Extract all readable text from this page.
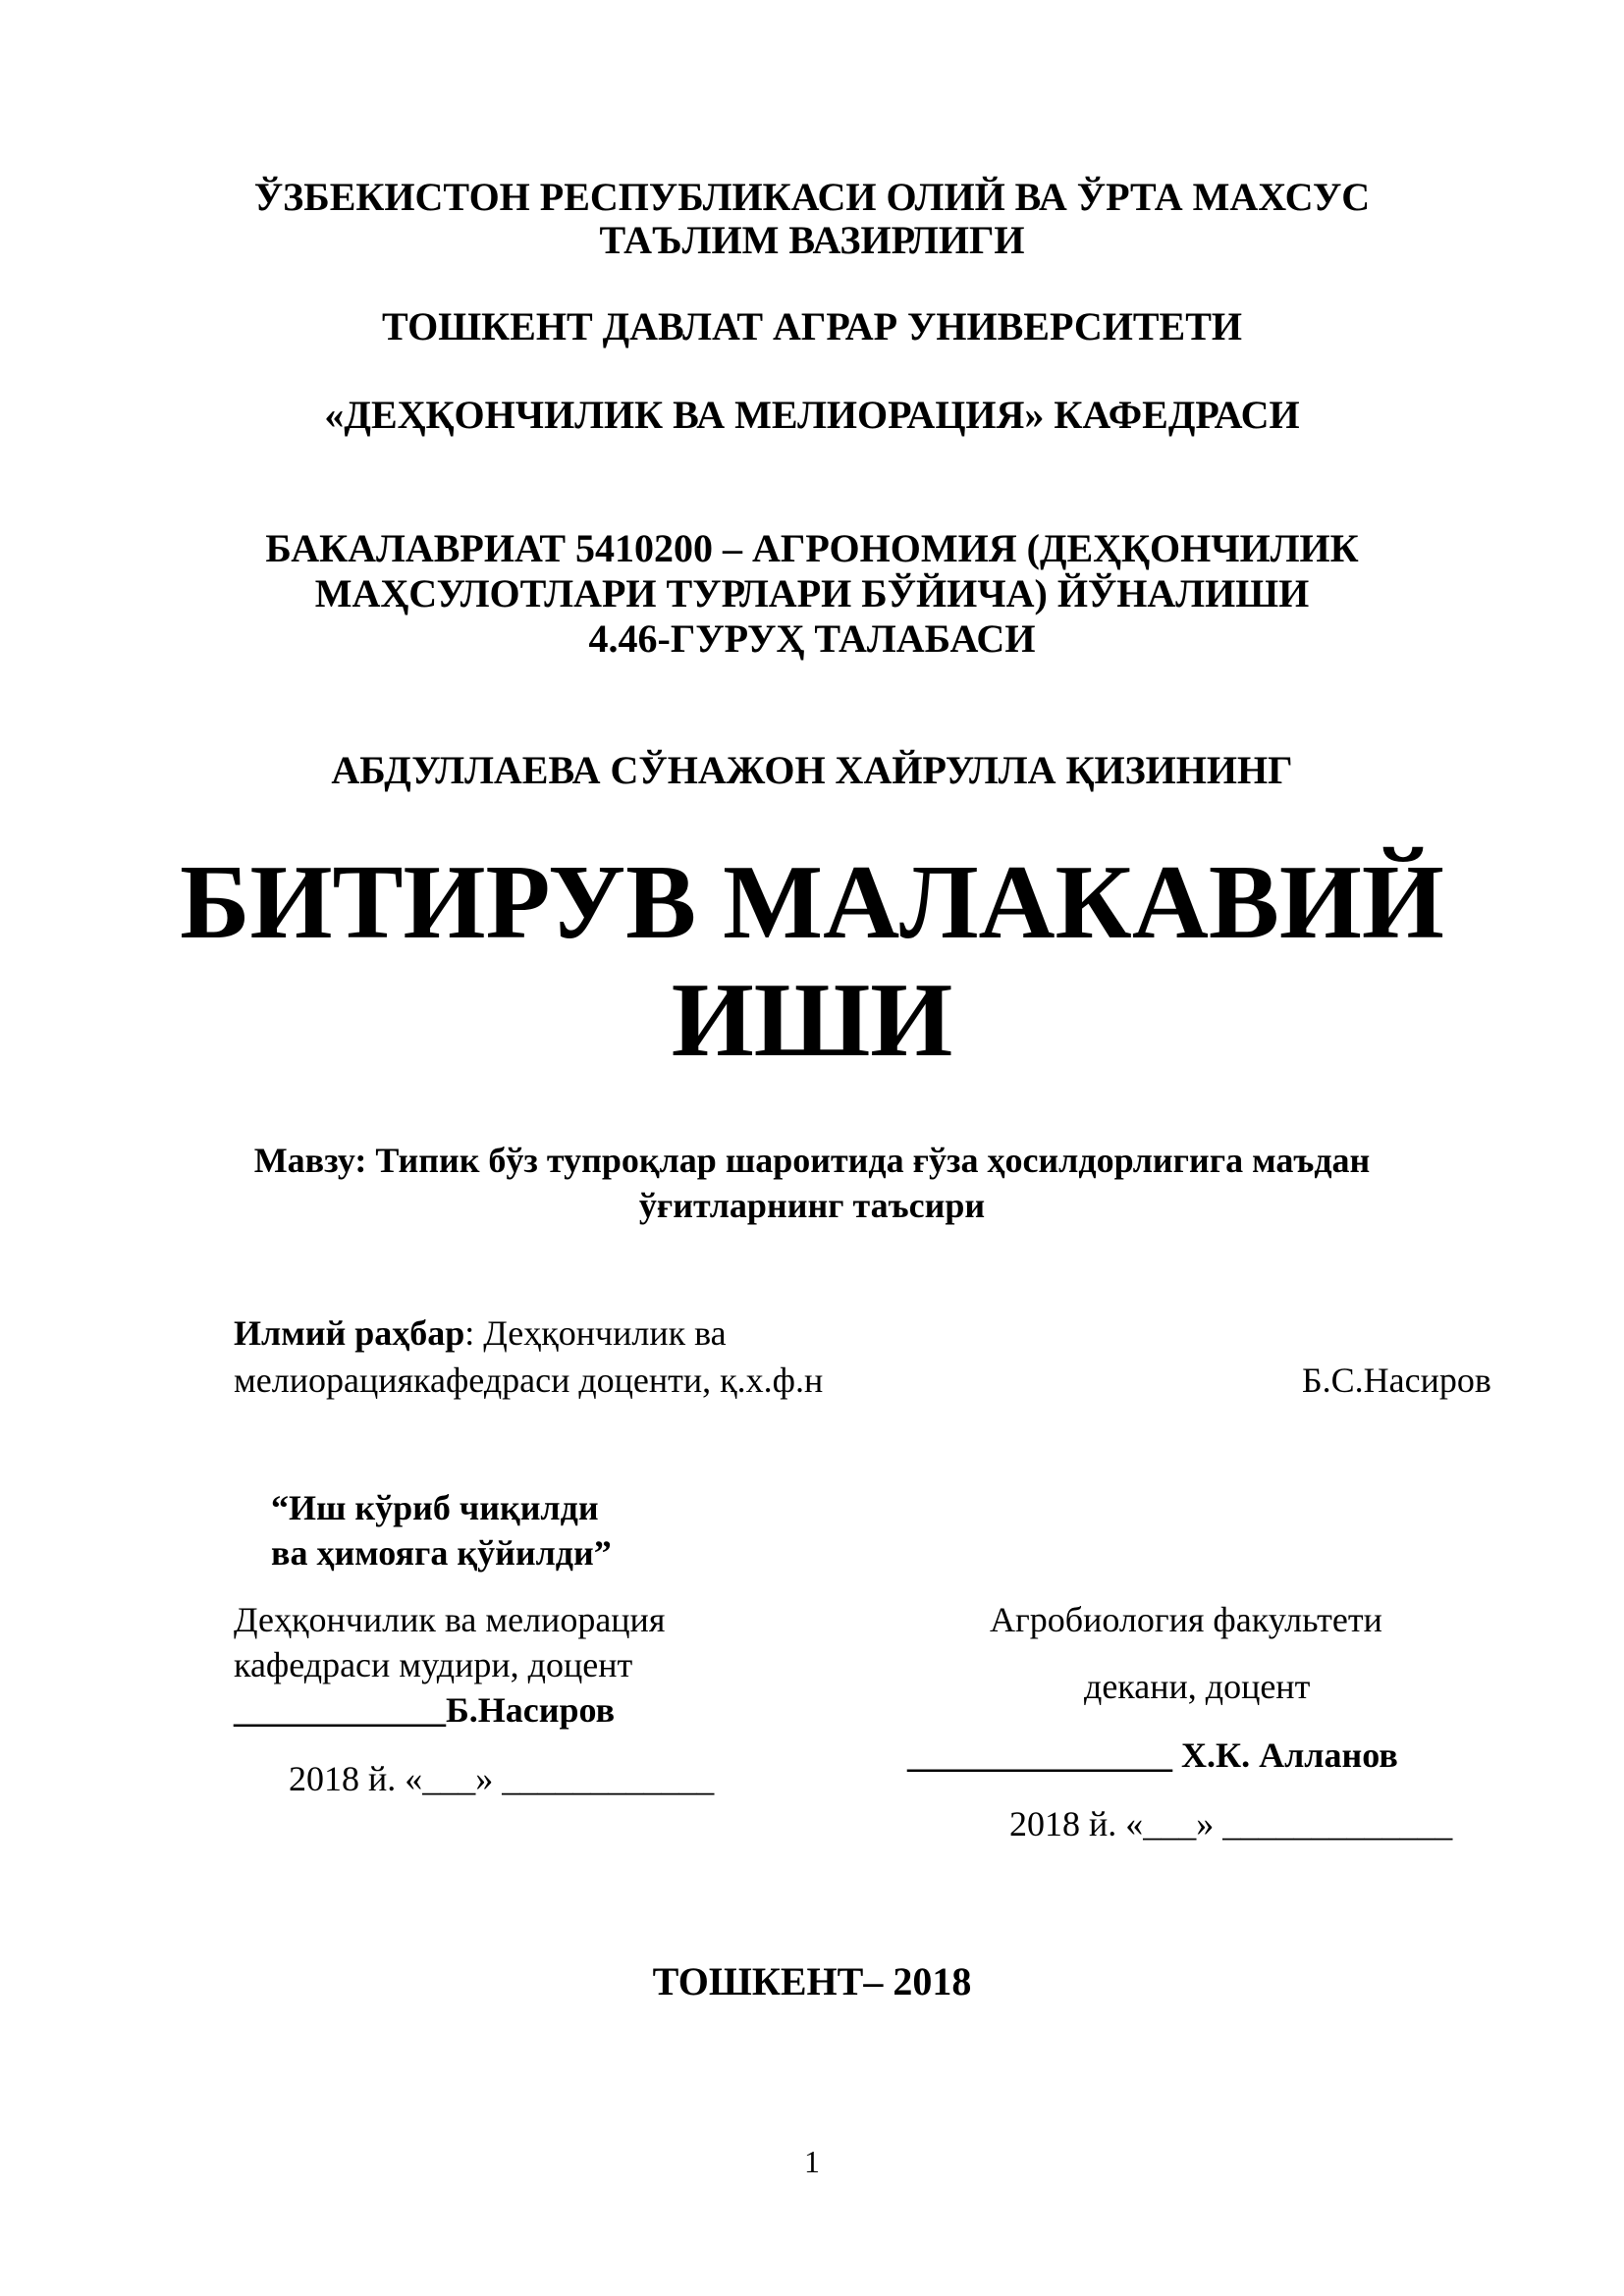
ЎЗБЕКИСТОН РЕСПУБЛИКАСИ ОЛИЙ ВА ЎРТА МАХСУС
ТАЪЛИМ ВАЗИРЛИГИ
ТОШКЕНТ ДАВЛАТ АГРАР УНИВЕРСИТЕТИ
«ДЕҲҚОНЧИЛИК ВА МЕЛИОРАЦИЯ» КАФЕДРАСИ
БАКАЛАВРИАТ 5410200 – АГРОНОМИЯ (ДЕҲҚОНЧИЛИК
МАҲСУЛОТЛАРИ ТУРЛАРИ БЎЙИЧА) ЙЎНАЛИШИ
4.46-ГУРУҲ ТАЛАБАСИ
АБДУЛЛАЕВА СЎНАЖОН ХАЙРУЛЛА ҚИЗИНИНГ
БИТИРУВ МАЛАКАВИЙ
ИШИ
Мавзу: Типик бўз тупроқлар шароитида ғўза ҳосилдорлигига маъдан
ўғитларнинг таъсири
Илмий раҳбар: Деҳқончилик ва
мелиорациякафедраси доценти, қ.х.ф.н	Б.С.Насиров
“Иш кўриб чиқилди
ва ҳимояга қўйилди”
Деҳқончилик ва мелиорация
кафедраси мудири, доцент
____________Б.Насиров
2018 й. «___» ____________
Агробиология факультети
декани, доцент
_______________ Х.К. Алланов
2018 й. «___» _____________
ТОШКЕНТ– 2018
1
